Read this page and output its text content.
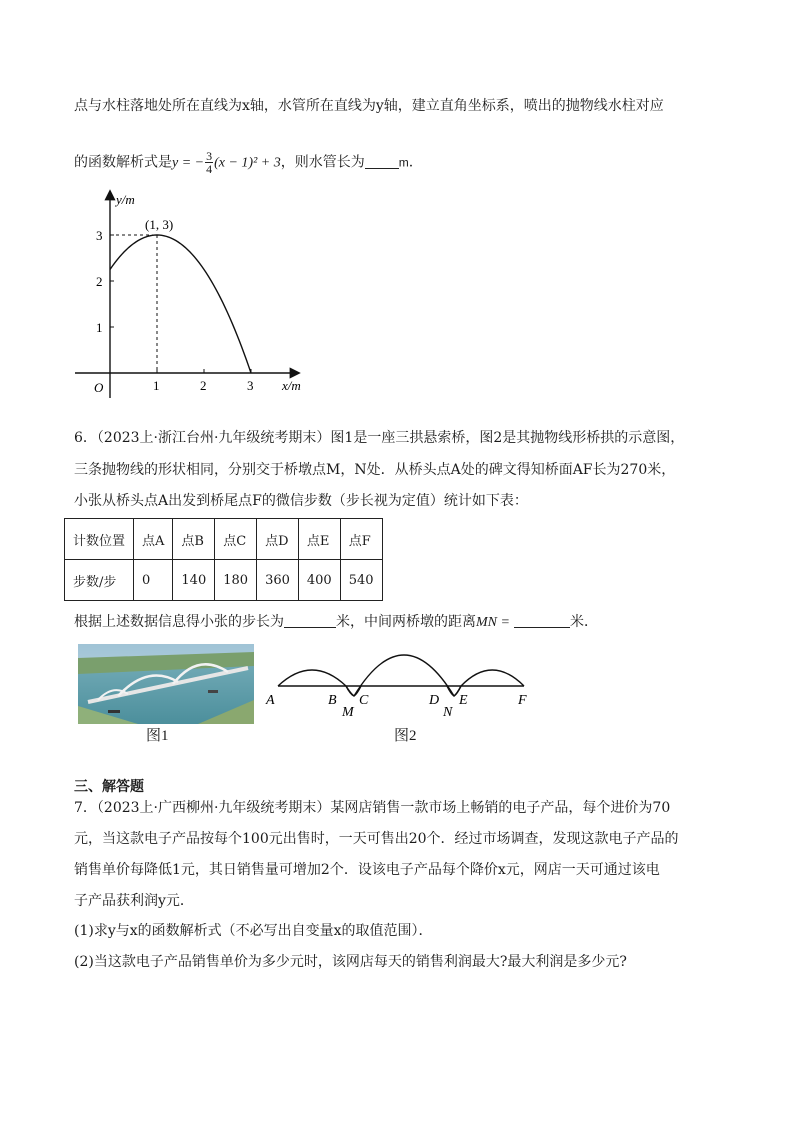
点与水柱落地处所在直线为x轴，水管所在直线为y轴，建立直角坐标系，喷出的抛物线水柱对应
的函数解析式是y = − $\frac{3}{4} (x - 1)^2 + 3$，则水管长为	m.
y/m
x/m
O	1	2	3
1
2
3
(1, 3)
6．（2023上·浙江台州·九年级统考期末）图1是一座三拱悬索桥，图2是其抛物线形桥拱的示意图，
三条抛物线的形状相同，分别交于桥墩点M，N处．从桥头点A处的碑文得知桥面AF长为270米，
小张从桥头点A出发到桥尾点F的微信步数（步长视为定值）统计如下表：
计数位置	点A	点B	点C	点D	点E	点F
步数/步	0	140	180	360	400	540
根据上述数据信息得小张的步长为	米，中间两桥墩的距离MN =	米．
图1
A	B
M
C	D
N
E	F
图2
三、解答题
7．（2023上·广西柳州·九年级统考期末）某网店销售一款市场上畅销的电子产品，每个进价为70
元，当这款电子产品按每个100元出售时，一天可售出20个．经过市场调查，发现这款电子产品的
销售单价每降低1元，其日销售量可增加2个．设该电子产品每个降价x元，网店一天可通过该电
子产品获利润y元．
(1)求y与x的函数解析式（不必写出自变量x的取值范围）．
(2)当这款电子产品销售单价为多少元时，该网店每天的销售利润最大?最大利润是多少元?
